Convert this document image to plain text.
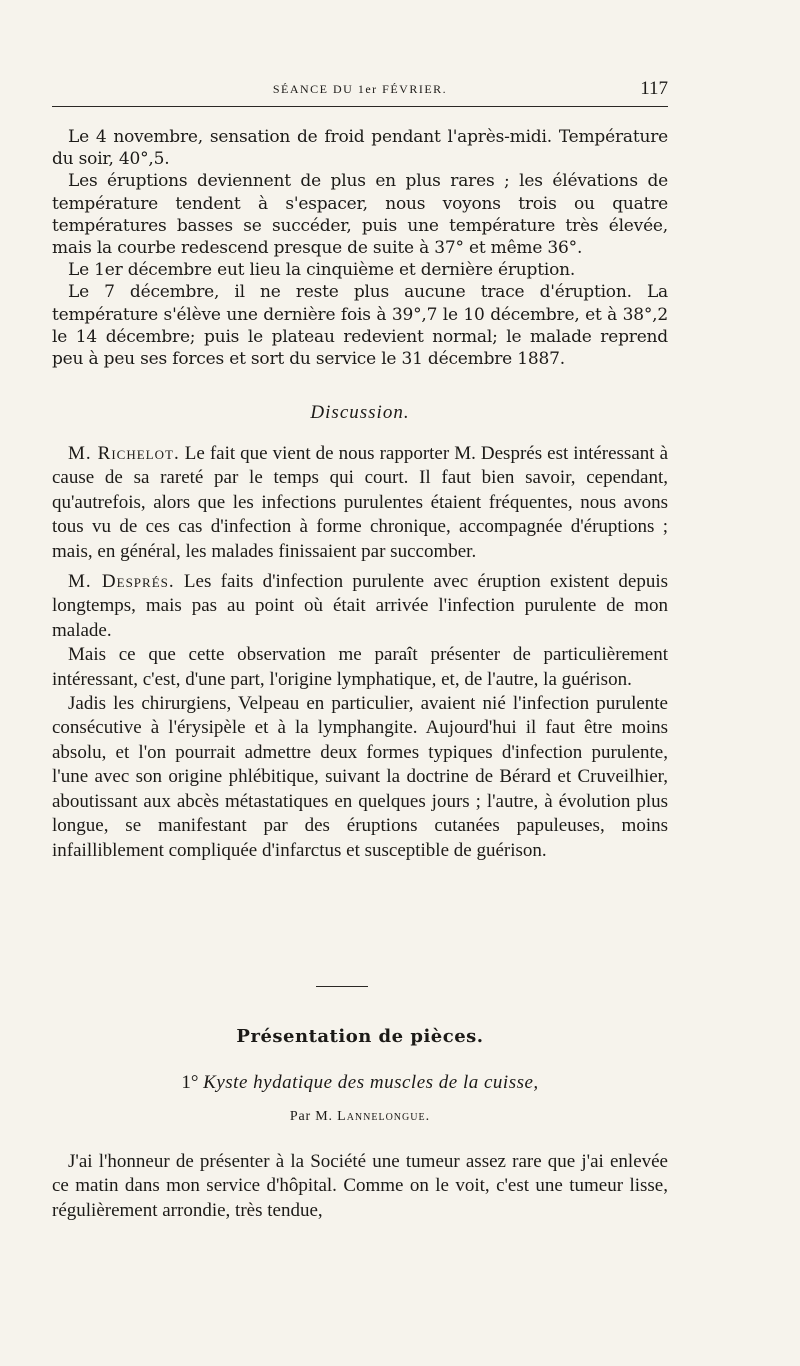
SÉANCE DU 1er FÉVRIER.	117

Le 4 novembre, sensation de froid pendant l'après-midi. Température du soir, 40°,5.

Les éruptions deviennent de plus en plus rares ; les élévations de température tendent à s'espacer, nous voyons trois ou quatre températures basses se succéder, puis une température très élevée, mais la courbe redescend presque de suite à 37° et même 36°.

Le 1er décembre eut lieu la cinquième et dernière éruption.

Le 7 décembre, il ne reste plus aucune trace d'éruption. La température s'élève une dernière fois à 39°,7 le 10 décembre, et à 38°,2 le 14 décembre; puis le plateau redevient normal; le malade reprend peu à peu ses forces et sort du service le 31 décembre 1887.

Discussion.

M. Richelot. Le fait que vient de nous rapporter M. Després est intéressant à cause de sa rareté par le temps qui court. Il faut bien savoir, cependant, qu'autrefois, alors que les infections purulentes étaient fréquentes, nous avons tous vu de ces cas d'infection à forme chronique, accompagnée d'éruptions ; mais, en général, les malades finissaient par succomber.

M. Després. Les faits d'infection purulente avec éruption existent depuis longtemps, mais pas au point où était arrivée l'infection purulente de mon malade.

Mais ce que cette observation me paraît présenter de particulièrement intéressant, c'est, d'une part, l'origine lymphatique, et, de l'autre, la guérison.

Jadis les chirurgiens, Velpeau en particulier, avaient nié l'infection purulente consécutive à l'érysipèle et à la lymphangite. Aujourd'hui il faut être moins absolu, et l'on pourrait admettre deux formes typiques d'infection purulente, l'une avec son origine phlébitique, suivant la doctrine de Bérard et Cruveilhier, aboutissant aux abcès métastatiques en quelques jours ; l'autre, à évolution plus longue, se manifestant par des éruptions cutanées papuleuses, moins infailliblement compliquée d'infarctus et susceptible de guérison.

Présentation de pièces.
1° Kyste hydatique des muscles de la cuisse,
Par M. Lannelongue.

J'ai l'honneur de présenter à la Société une tumeur assez rare que j'ai enlevée ce matin dans mon service d'hôpital. Comme on le voit, c'est une tumeur lisse, régulièrement arrondie, très tendue,
